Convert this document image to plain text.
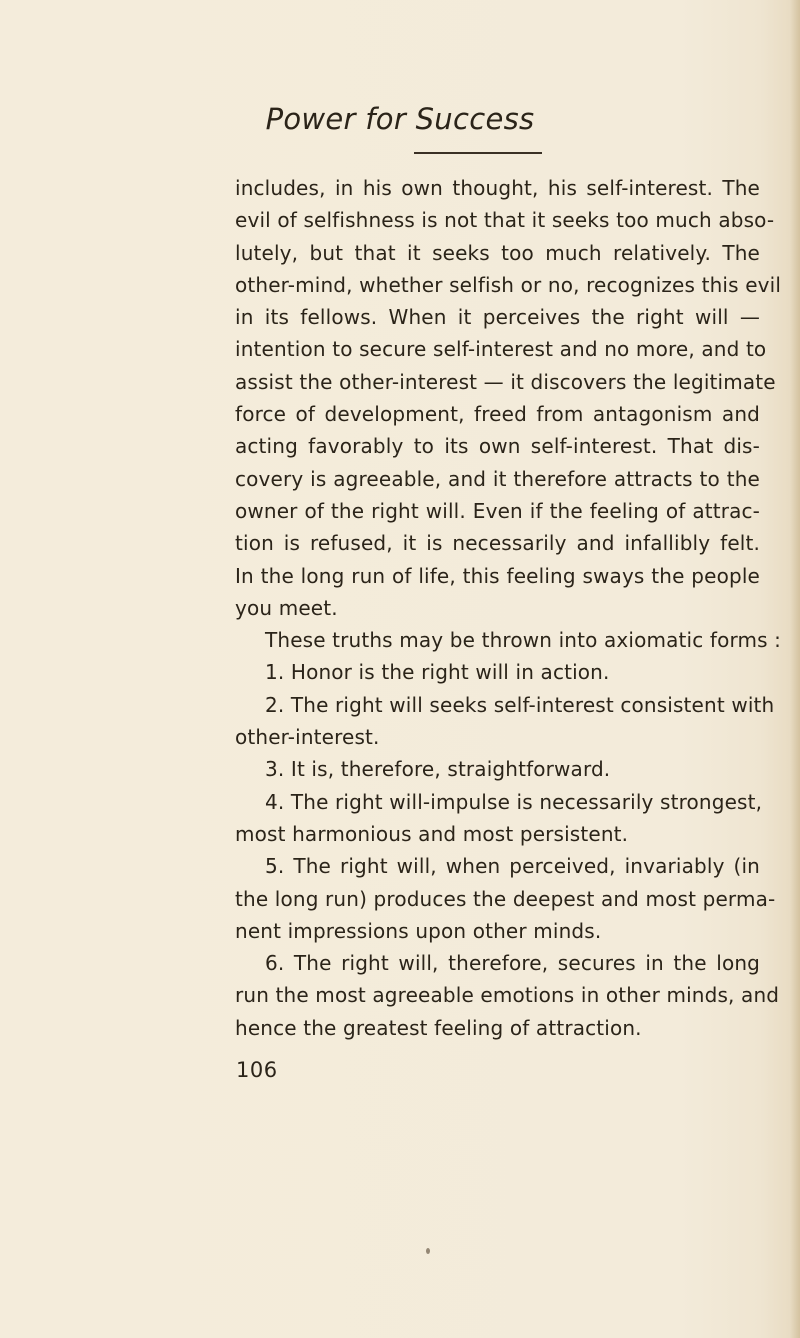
Power for Success
includes, in his own thought, his self-interest. The
evil of selfishness is not that it seeks too much abso-
lutely, but that it seeks too much relatively. The
other-mind, whether selfish or no, recognizes this evil
in its fellows. When it perceives the right will —
intention to secure self-interest and no more, and to
assist the other-interest — it discovers the legitimate
force of development, freed from antagonism and
acting favorably to its own self-interest. That dis-
covery is agreeable, and it therefore attracts to the
owner of the right will. Even if the feeling of attrac-
tion is refused, it is necessarily and infallibly felt.
In the long run of life, this feeling sways the people
you meet.
These truths may be thrown into axiomatic forms :
1. Honor is the right will in action.
2. The right will seeks self-interest consistent with
other-interest.
3. It is, therefore, straightforward.
4. The right will-impulse is necessarily strongest,
most harmonious and most persistent.
5. The right will, when perceived, invariably (in
the long run) produces the deepest and most perma-
nent impressions upon other minds.
6. The right will, therefore, secures in the long
run the most agreeable emotions in other minds, and
hence the greatest feeling of attraction.
106
